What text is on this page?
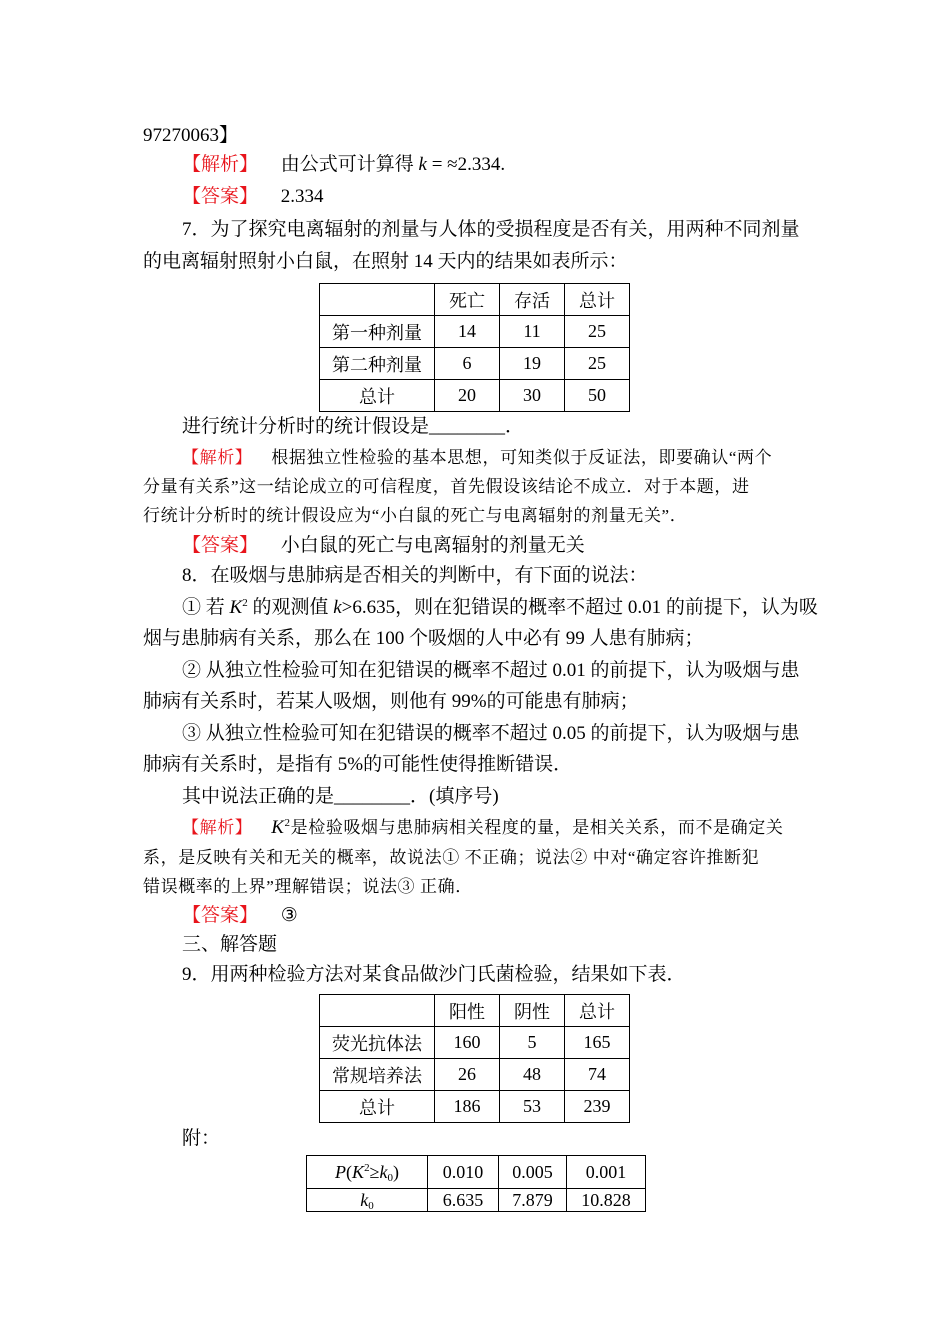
97270063】
【解析】 由公式可计算得 k = ≈2.334.
【答案】 2.334
7．为了探究电离辐射的剂量与人体的受损程度是否有关，用两种不同剂量
的电离辐射照射小白鼠，在照射 14 天内的结果如表所示：
	死亡	存活	总计
第一种剂量	14	11	25
第二种剂量	6	19	25
总计	20	30	50
进行统计分析时的统计假设是________．
【解析】 根据独立性检验的基本思想，可知类似于反证法，即要确认“两个
分量有关系”这一结论成立的可信程度，首先假设该结论不成立．对于本题，进
行统计分析时的统计假设应为“小白鼠的死亡与电离辐射的剂量无关”．
【答案】 小白鼠的死亡与电离辐射的剂量无关
8．在吸烟与患肺病是否相关的判断中，有下面的说法：
① 若 $K^2$ 的观测值 k>6.635，则在犯错误的概率不超过 0.01 的前提下，认为吸
烟与患肺病有关系，那么在 100 个吸烟的人中必有 99 人患有肺病；
② 从独立性检验可知在犯错误的概率不超过 0.01 的前提下，认为吸烟与患
肺病有关系时，若某人吸烟，则他有 99%的可能患有肺病；
③ 从独立性检验可知在犯错误的概率不超过 0.05 的前提下，认为吸烟与患
肺病有关系时，是指有 5%的可能性使得推断错误．
其中说法正确的是________．(填序号)
【解析】 $K^2$是检验吸烟与患肺病相关程度的量，是相关关系，而不是确定关
系，是反映有关和无关的概率，故说法① 不正确；说法② 中对“确定容许推断犯
错误概率的上界”理解错误；说法③ 正确．
【答案】 ③
三、解答题
9．用两种检验方法对某食品做沙门氏菌检验，结果如下表．
	阳性	阴性	总计
荧光抗体法	160	5	165
常规培养法	26	48	74
总计	186	53	239
附：
$P(K^2\ge k_0)$	0.010	0.005	0.001
$k_0$	6.635	7.879	10.828
